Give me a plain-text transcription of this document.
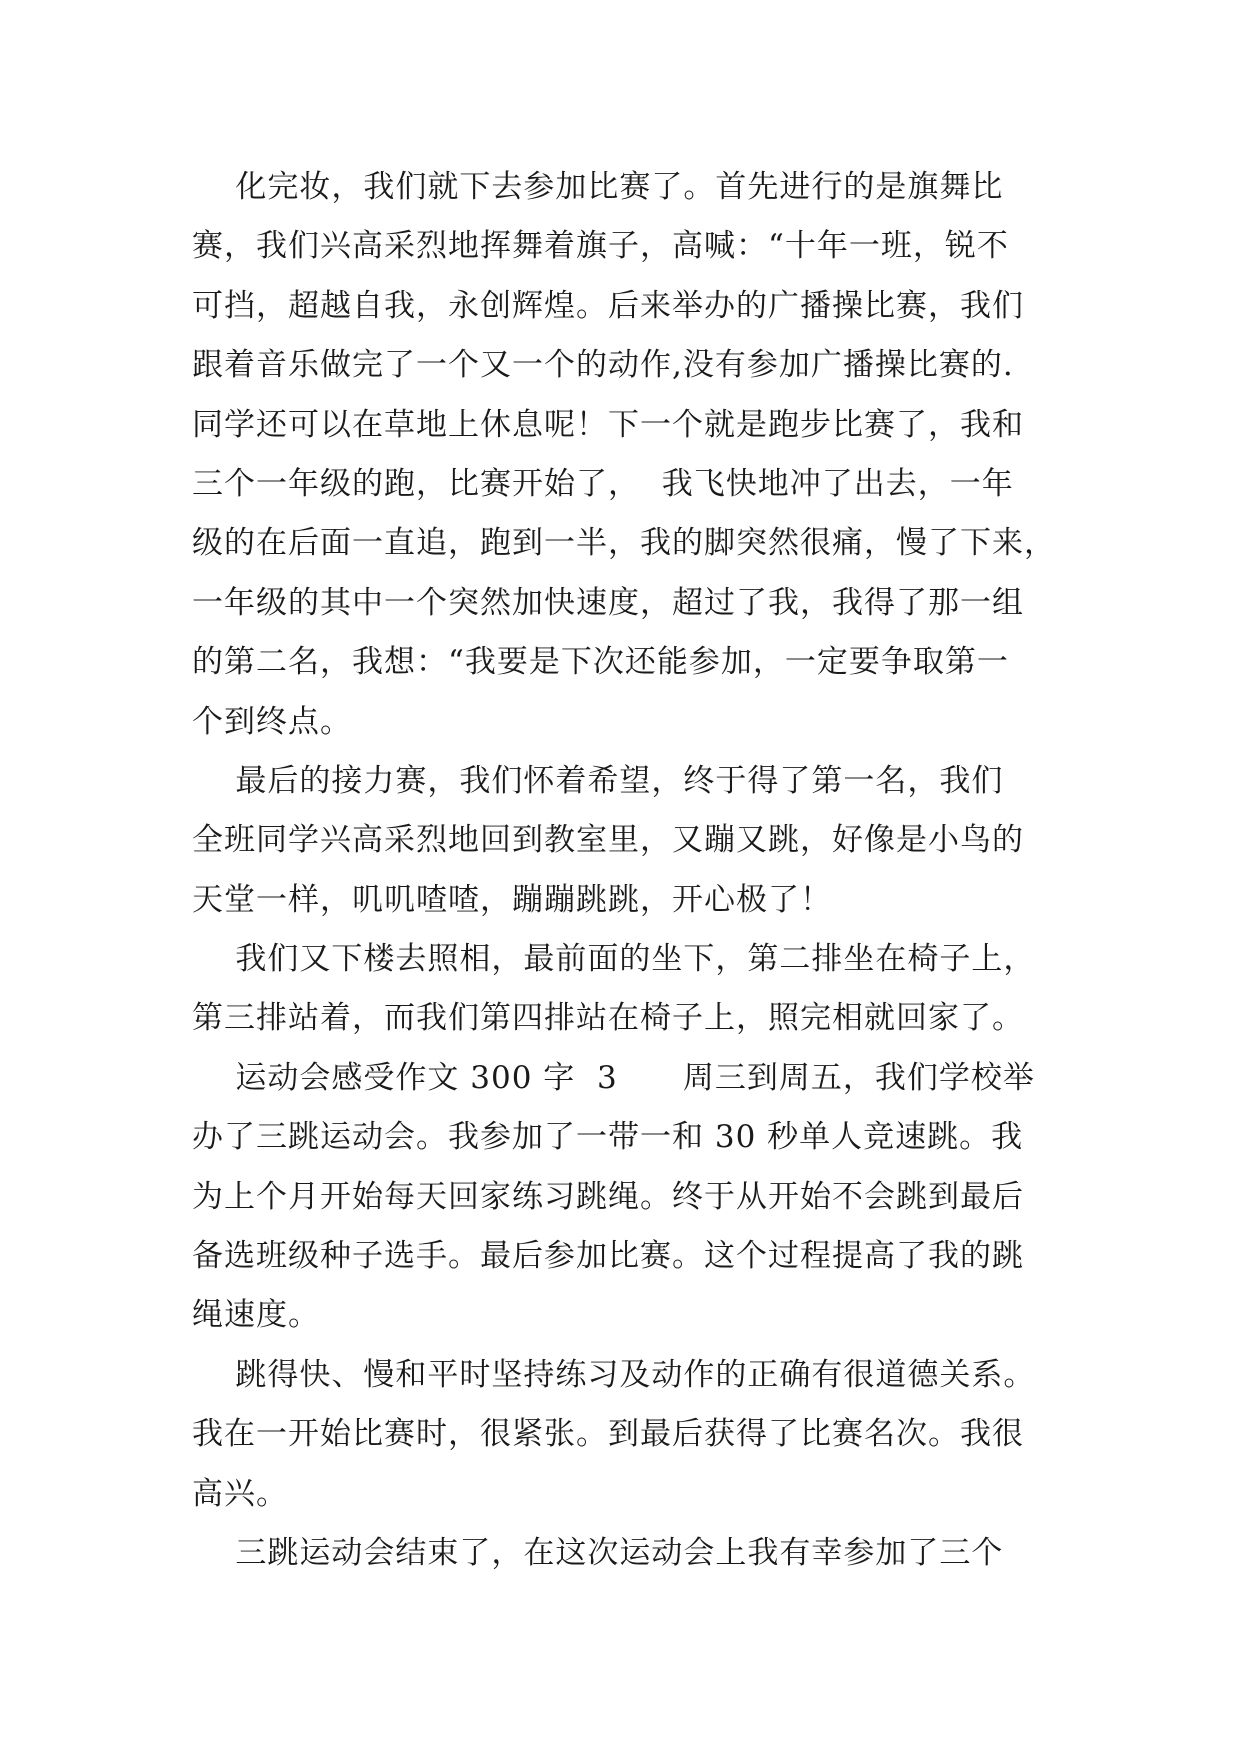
化完妆，我们就下去参加比赛了。首先进行的是旗舞比
赛，我们兴高采烈地挥舞着旗子，高喊：“十年一班，锐不
可挡，超越自我，永创辉煌。后来举办的广播操比赛，我们
跟着音乐做完了一个又一个的动作,没有参加广播操比赛的.
同学还可以在草地上休息呢！下一个就是跑步比赛了，我和
三个一年级的跑，比赛开始了，  我飞快地冲了出去，一年
级的在后面一直追，跑到一半，我的脚突然很痛，慢了下来，
一年级的其中一个突然加快速度，超过了我，我得了那一组
的第二名，我想：“我要是下次还能参加，一定要争取第一
个到终点。
最后的接力赛，我们怀着希望，终于得了第一名，我们
全班同学兴高采烈地回到教室里，又蹦又跳，好像是小鸟的
天堂一样，叽叽喳喳，蹦蹦跳跳，开心极了！
我们又下楼去照相，最前面的坐下，第二排坐在椅子上，
第三排站着，而我们第四排站在椅子上，照完相就回家了。
运动会感受作文 300 字  3      周三到周五，我们学校举
办了三跳运动会。我参加了一带一和 30 秒单人竞速跳。我
为上个月开始每天回家练习跳绳。终于从开始不会跳到最后
备选班级种子选手。最后参加比赛。这个过程提高了我的跳
绳速度。
跳得快、慢和平时坚持练习及动作的正确有很道德关系。
我在一开始比赛时，很紧张。到最后获得了比赛名次。我很
高兴。
三跳运动会结束了，在这次运动会上我有幸参加了三个
